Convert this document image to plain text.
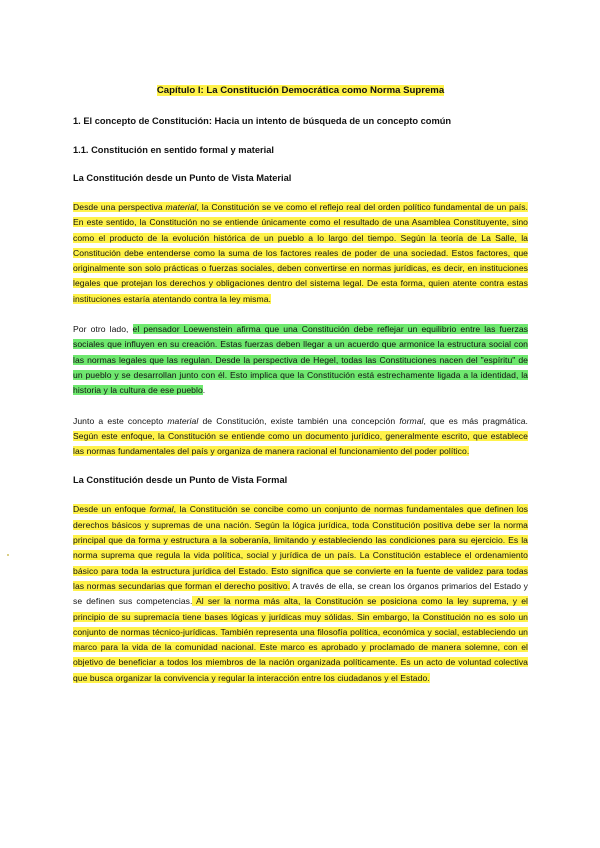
Capítulo I: La Constitución Democrática como Norma Suprema

1. El concepto de Constitución: Hacia un intento de búsqueda de un concepto común

1.1. Constitución en sentido formal y material

La Constitución desde un Punto de Vista Material

Desde una perspectiva material, la Constitución se ve como el reflejo real del orden político fundamental de un país. En este sentido, la Constitución no se entiende únicamente como el resultado de una Asamblea Constituyente, sino como el producto de la evolución histórica de un pueblo a lo largo del tiempo. Según la teoría de La Salle, la Constitución debe entenderse como la suma de los factores reales de poder de una sociedad. Estos factores, que originalmente son solo prácticas o fuerzas sociales, deben convertirse en normas jurídicas, es decir, en instituciones legales que protejan los derechos y obligaciones dentro del sistema legal. De esta forma, quien atente contra estas instituciones estaría atentando contra la ley misma.

Por otro lado, el pensador Loewenstein afirma que una Constitución debe reflejar un equilibrio entre las fuerzas sociales que influyen en su creación. Estas fuerzas deben llegar a un acuerdo que armonice la estructura social con las normas legales que las regulan. Desde la perspectiva de Hegel, todas las Constituciones nacen del "espíritu" de un pueblo y se desarrollan junto con él. Esto implica que la Constitución está estrechamente ligada a la identidad, la historia y la cultura de ese pueblo.

Junto a este concepto material de Constitución, existe también una concepción formal, que es más pragmática. Según este enfoque, la Constitución se entiende como un documento jurídico, generalmente escrito, que establece las normas fundamentales del país y organiza de manera racional el funcionamiento del poder político.

La Constitución desde un Punto de Vista Formal

Desde un enfoque formal, la Constitución se concibe como un conjunto de normas fundamentales que definen los derechos básicos y supremas de una nación. Según la lógica jurídica, toda Constitución positiva debe ser la norma principal que da forma y estructura a la soberanía, limitando y estableciendo las condiciones para su ejercicio. Es la norma suprema que regula la vida política, social y jurídica de un país. La Constitución establece el ordenamiento básico para toda la estructura jurídica del Estado. Esto significa que se convierte en la fuente de validez para todas las normas secundarias que forman el derecho positivo. A través de ella, se crean los órganos primarios del Estado y se definen sus competencias. Al ser la norma más alta, la Constitución se posiciona como la ley suprema, y el principio de su supremacía tiene bases lógicas y jurídicas muy sólidas. Sin embargo, la Constitución no es solo un conjunto de normas técnico-jurídicas. También representa una filosofía política, económica y social, estableciendo un marco para la vida de la comunidad nacional. Este marco es aprobado y proclamado de manera solemne, con el objetivo de beneficiar a todos los miembros de la nación organizada políticamente. Es un acto de voluntad colectiva que busca organizar la convivencia y regular la interacción entre los ciudadanos y el Estado.
